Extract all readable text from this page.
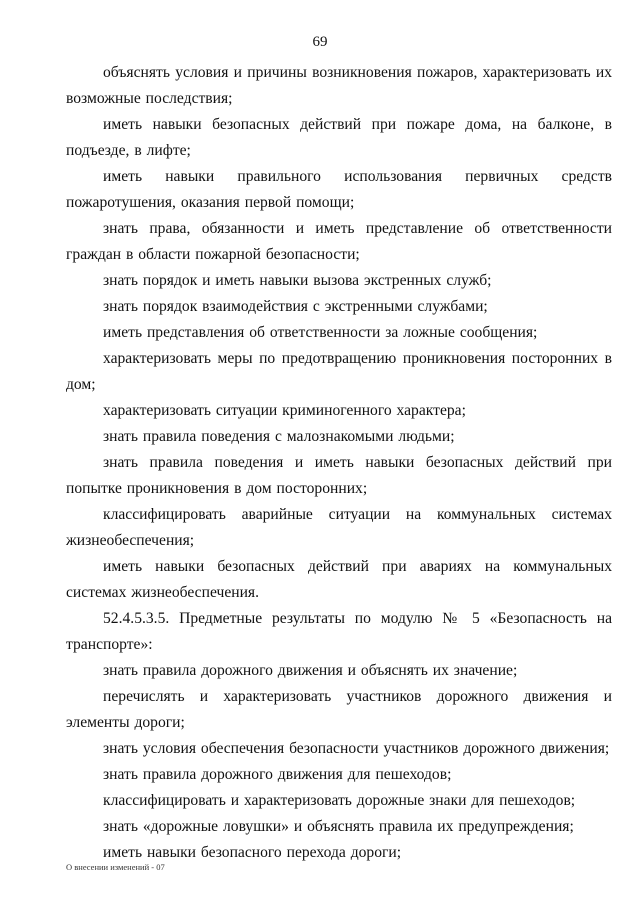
69

объяснять условия и причины возникновения пожаров, характеризовать их возможные последствия;

иметь навыки безопасных действий при пожаре дома, на балконе, в подъезде, в лифте;

иметь навыки правильного использования первичных средств пожаротушения, оказания первой помощи;

знать права, обязанности и иметь представление об ответственности граждан в области пожарной безопасности;

знать порядок и иметь навыки вызова экстренных служб;

знать порядок взаимодействия с экстренными службами;

иметь представления об ответственности за ложные сообщения;

характеризовать меры по предотвращению проникновения посторонних в дом;

характеризовать ситуации криминогенного характера;

знать правила поведения с малознакомыми людьми;

знать правила поведения и иметь навыки безопасных действий при попытке проникновения в дом посторонних;

классифицировать аварийные ситуации на коммунальных системах жизнеобеспечения;

иметь навыки безопасных действий при авариях на коммунальных системах жизнеобеспечения.

52.4.5.3.5. Предметные результаты по модулю № 5 «Безопасность на транспорте»:

знать правила дорожного движения и объяснять их значение;

перечислять и характеризовать участников дорожного движения и элементы дороги;

знать условия обеспечения безопасности участников дорожного движения;

знать правила дорожного движения для пешеходов;

классифицировать и характеризовать дорожные знаки для пешеходов;

знать «дорожные ловушки» и объяснять правила их предупреждения;

иметь навыки безопасного перехода дороги;

О внесении изменений - 07
